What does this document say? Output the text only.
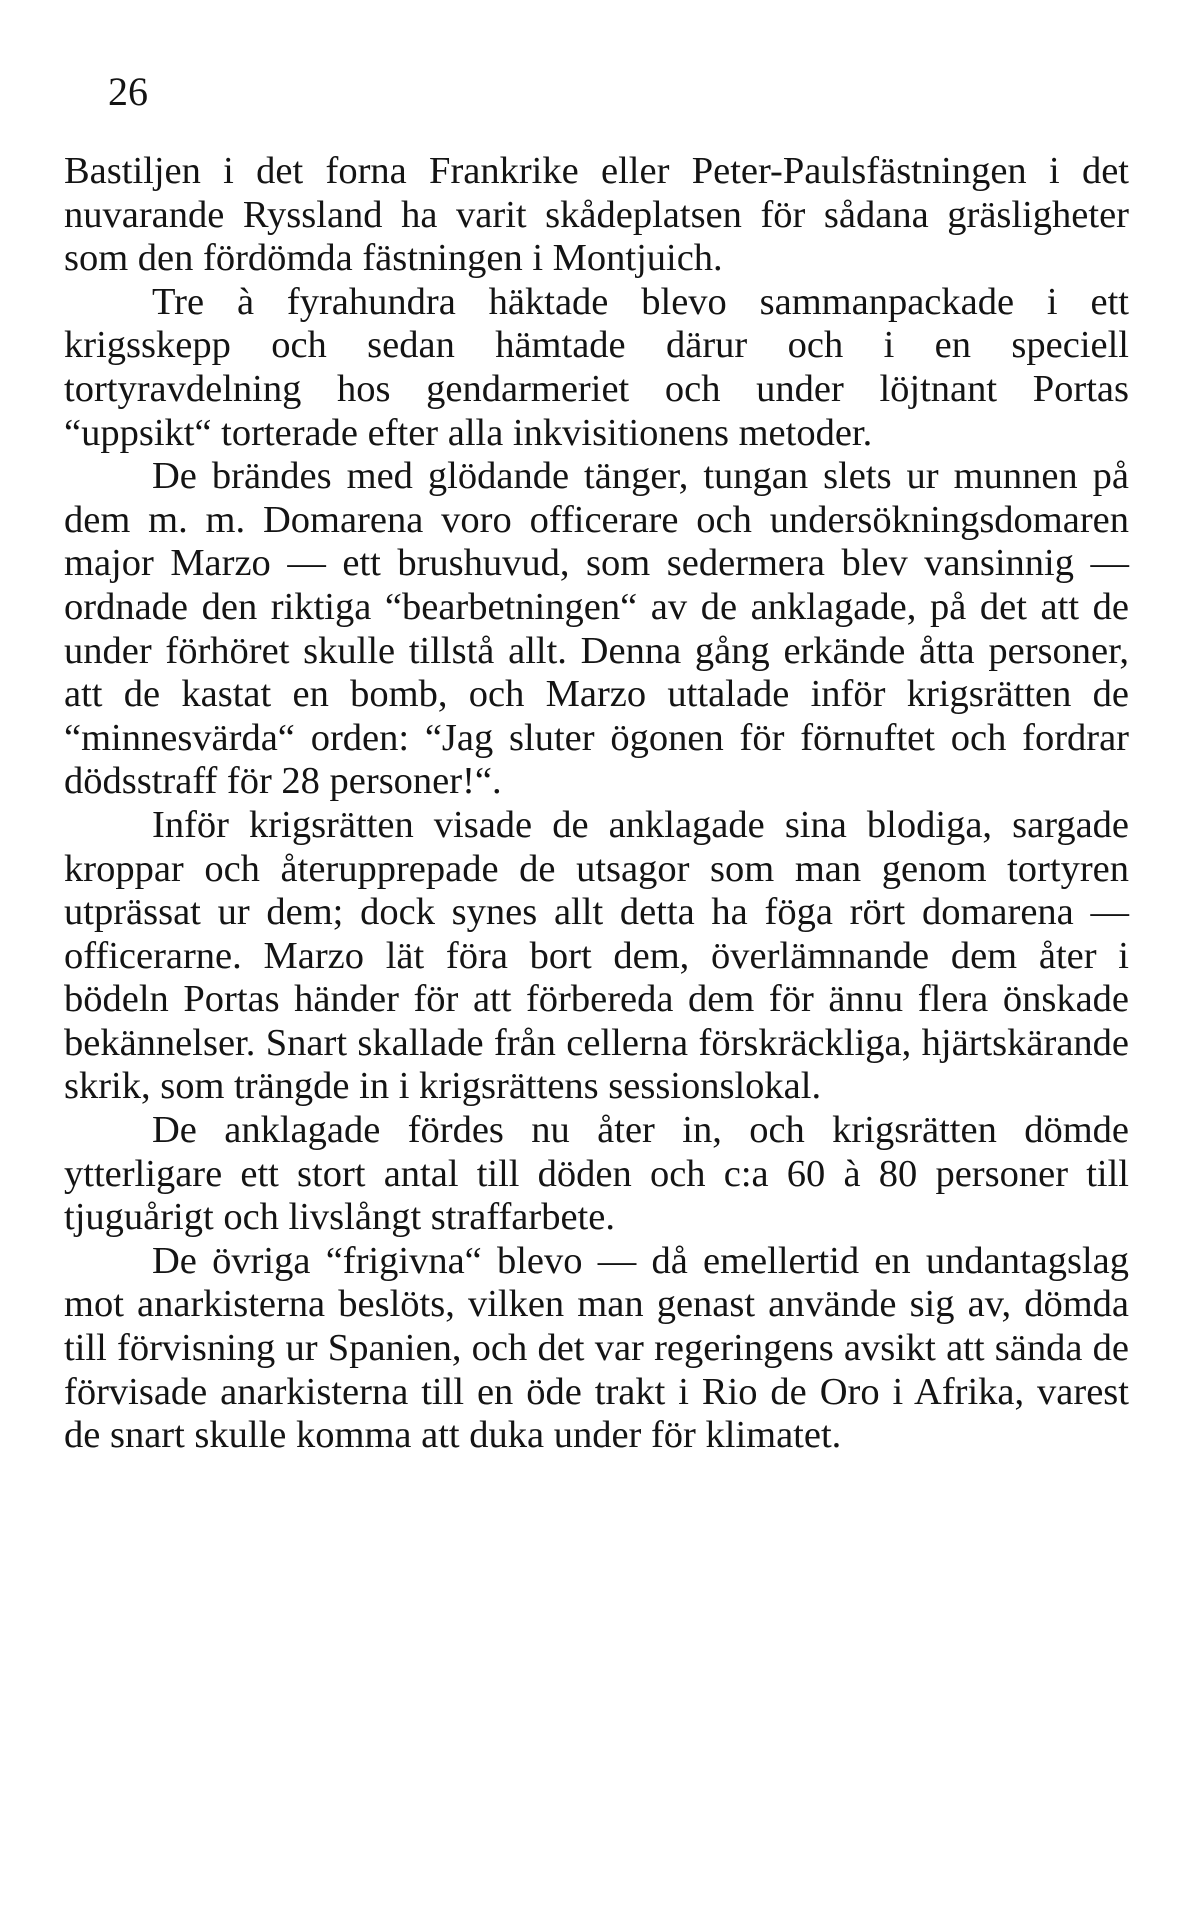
26

Bastiljen i det forna Frankrike eller Peter-Paulsfästningen i det nuvarande Ryssland ha varit skådeplatsen för sådana gräsligheter som den fördömda fästningen i Montjuich.

Tre à fyrahundra häktade blevo sammanpackade i ett krigsskepp och sedan hämtade därur och i en speciell tortyravdelning hos gendarmeriet och under löjtnant Portas “uppsikt“ torterade efter alla inkvisitionens metoder.

De brändes med glödande tänger, tungan slets ur munnen på dem m. m. Domarena voro officerare och undersökningsdomaren major Marzo — ett brushuvud, som sedermera blev vansinnig — ordnade den riktiga “bearbetningen“ av de anklagade, på det att de under förhöret skulle tillstå allt. Denna gång erkände åtta personer, att de kastat en bomb, och Marzo uttalade inför krigsrätten de “minnesvärda“ orden: “Jag sluter ögonen för förnuftet och fordrar dödsstraff för 28 personer!“.

Inför krigsrätten visade de anklagade sina blodiga, sargade kroppar och återupprepade de utsagor som man genom tortyren utprässat ur dem; dock synes allt detta ha föga rört domarena — officerarne. Marzo lät föra bort dem, överlämnande dem åter i bödeln Portas händer för att förbereda dem för ännu flera önskade bekännelser. Snart skallade från cellerna förskräckliga, hjärtskärande skrik, som trängde in i krigsrättens sessionslokal.

De anklagade fördes nu åter in, och krigsrätten dömde ytterligare ett stort antal till döden och c:a 60 à 80 personer till tjuguårigt och livslångt straffarbete.

De övriga “frigivna“ blevo — då emellertid en undantagslag mot anarkisterna beslöts, vilken man genast använde sig av, dömda till förvisning ur Spanien, och det var regeringens avsikt att sända de förvisade anarkisterna till en öde trakt i Rio de Oro i Afrika, varest de snart skulle komma att duka under för klimatet.
